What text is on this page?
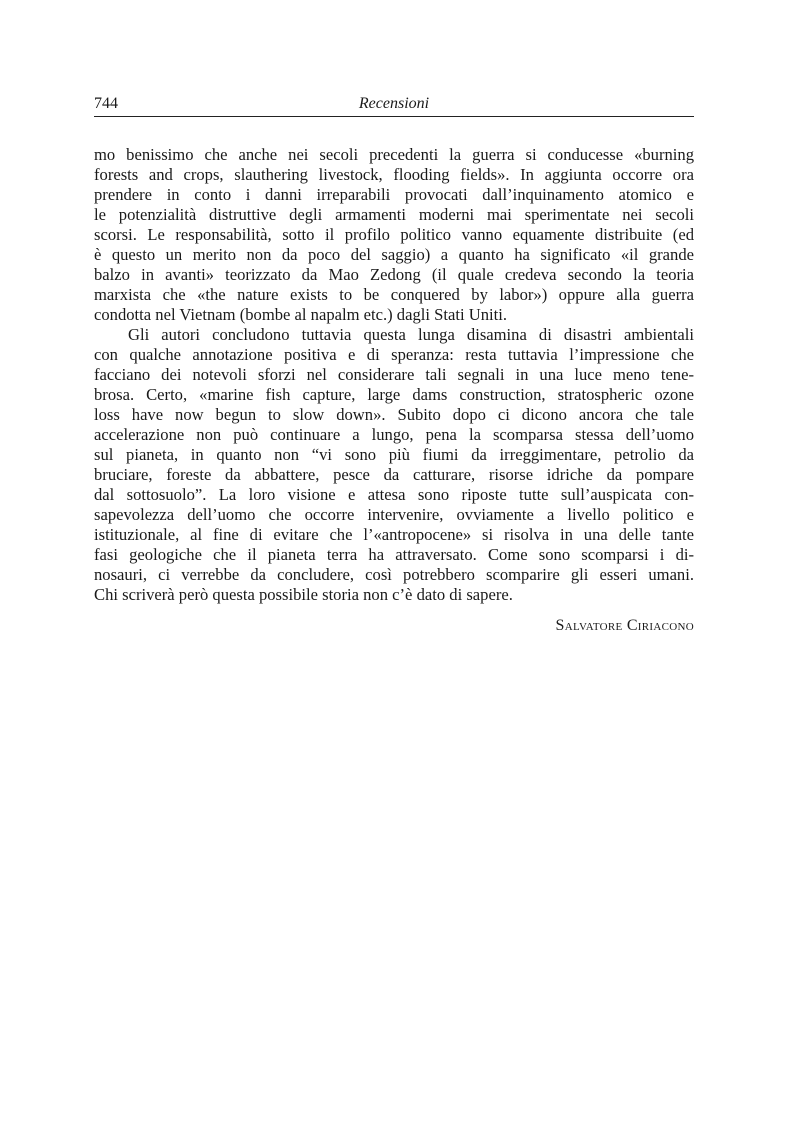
744	Recensioni
mo benissimo che anche nei secoli precedenti la guerra si conducesse «burning
forests and crops, slauthering livestock, flooding fields». In aggiunta occorre ora
prendere in conto i danni irreparabili provocati dall’inquinamento atomico e
le potenzialità distruttive degli armamenti moderni mai sperimentate nei secoli
scorsi. Le responsabilità, sotto il profilo politico vanno equamente distribuite (ed
è questo un merito non da poco del saggio) a quanto ha significato «il grande
balzo in avanti» teorizzato da Mao Zedong (il quale credeva secondo la teoria
marxista che «the nature exists to be conquered by labor») oppure alla guerra
condotta nel Vietnam (bombe al napalm etc.) dagli Stati Uniti.
Gli autori concludono tuttavia questa lunga disamina di disastri ambientali
con qualche annotazione positiva e di speranza: resta tuttavia l’impressione che
facciano dei notevoli sforzi nel considerare tali segnali in una luce meno tene-
brosa. Certo, «marine fish capture, large dams construction, stratospheric ozone
loss have now begun to slow down». Subito dopo ci dicono ancora che tale
accelerazione non può continuare a lungo, pena la scomparsa stessa dell’uomo
sul pianeta, in quanto non “vi sono più fiumi da irreggimentare, petrolio da
bruciare, foreste da abbattere, pesce da catturare, risorse idriche da pompare
dal sottosuolo”. La loro visione e attesa sono riposte tutte sull’auspicata con-
sapevolezza dell’uomo che occorre intervenire, ovviamente a livello politico e
istituzionale, al fine di evitare che l’«antropocene» si risolva in una delle tante
fasi geologiche che il pianeta terra ha attraversato. Come sono scomparsi i di-
nosauri, ci verrebbe da concludere, così potrebbero scomparire gli esseri umani.
Chi scriverà però questa possibile storia non c’è dato di sapere.
Salvatore Ciriacono
